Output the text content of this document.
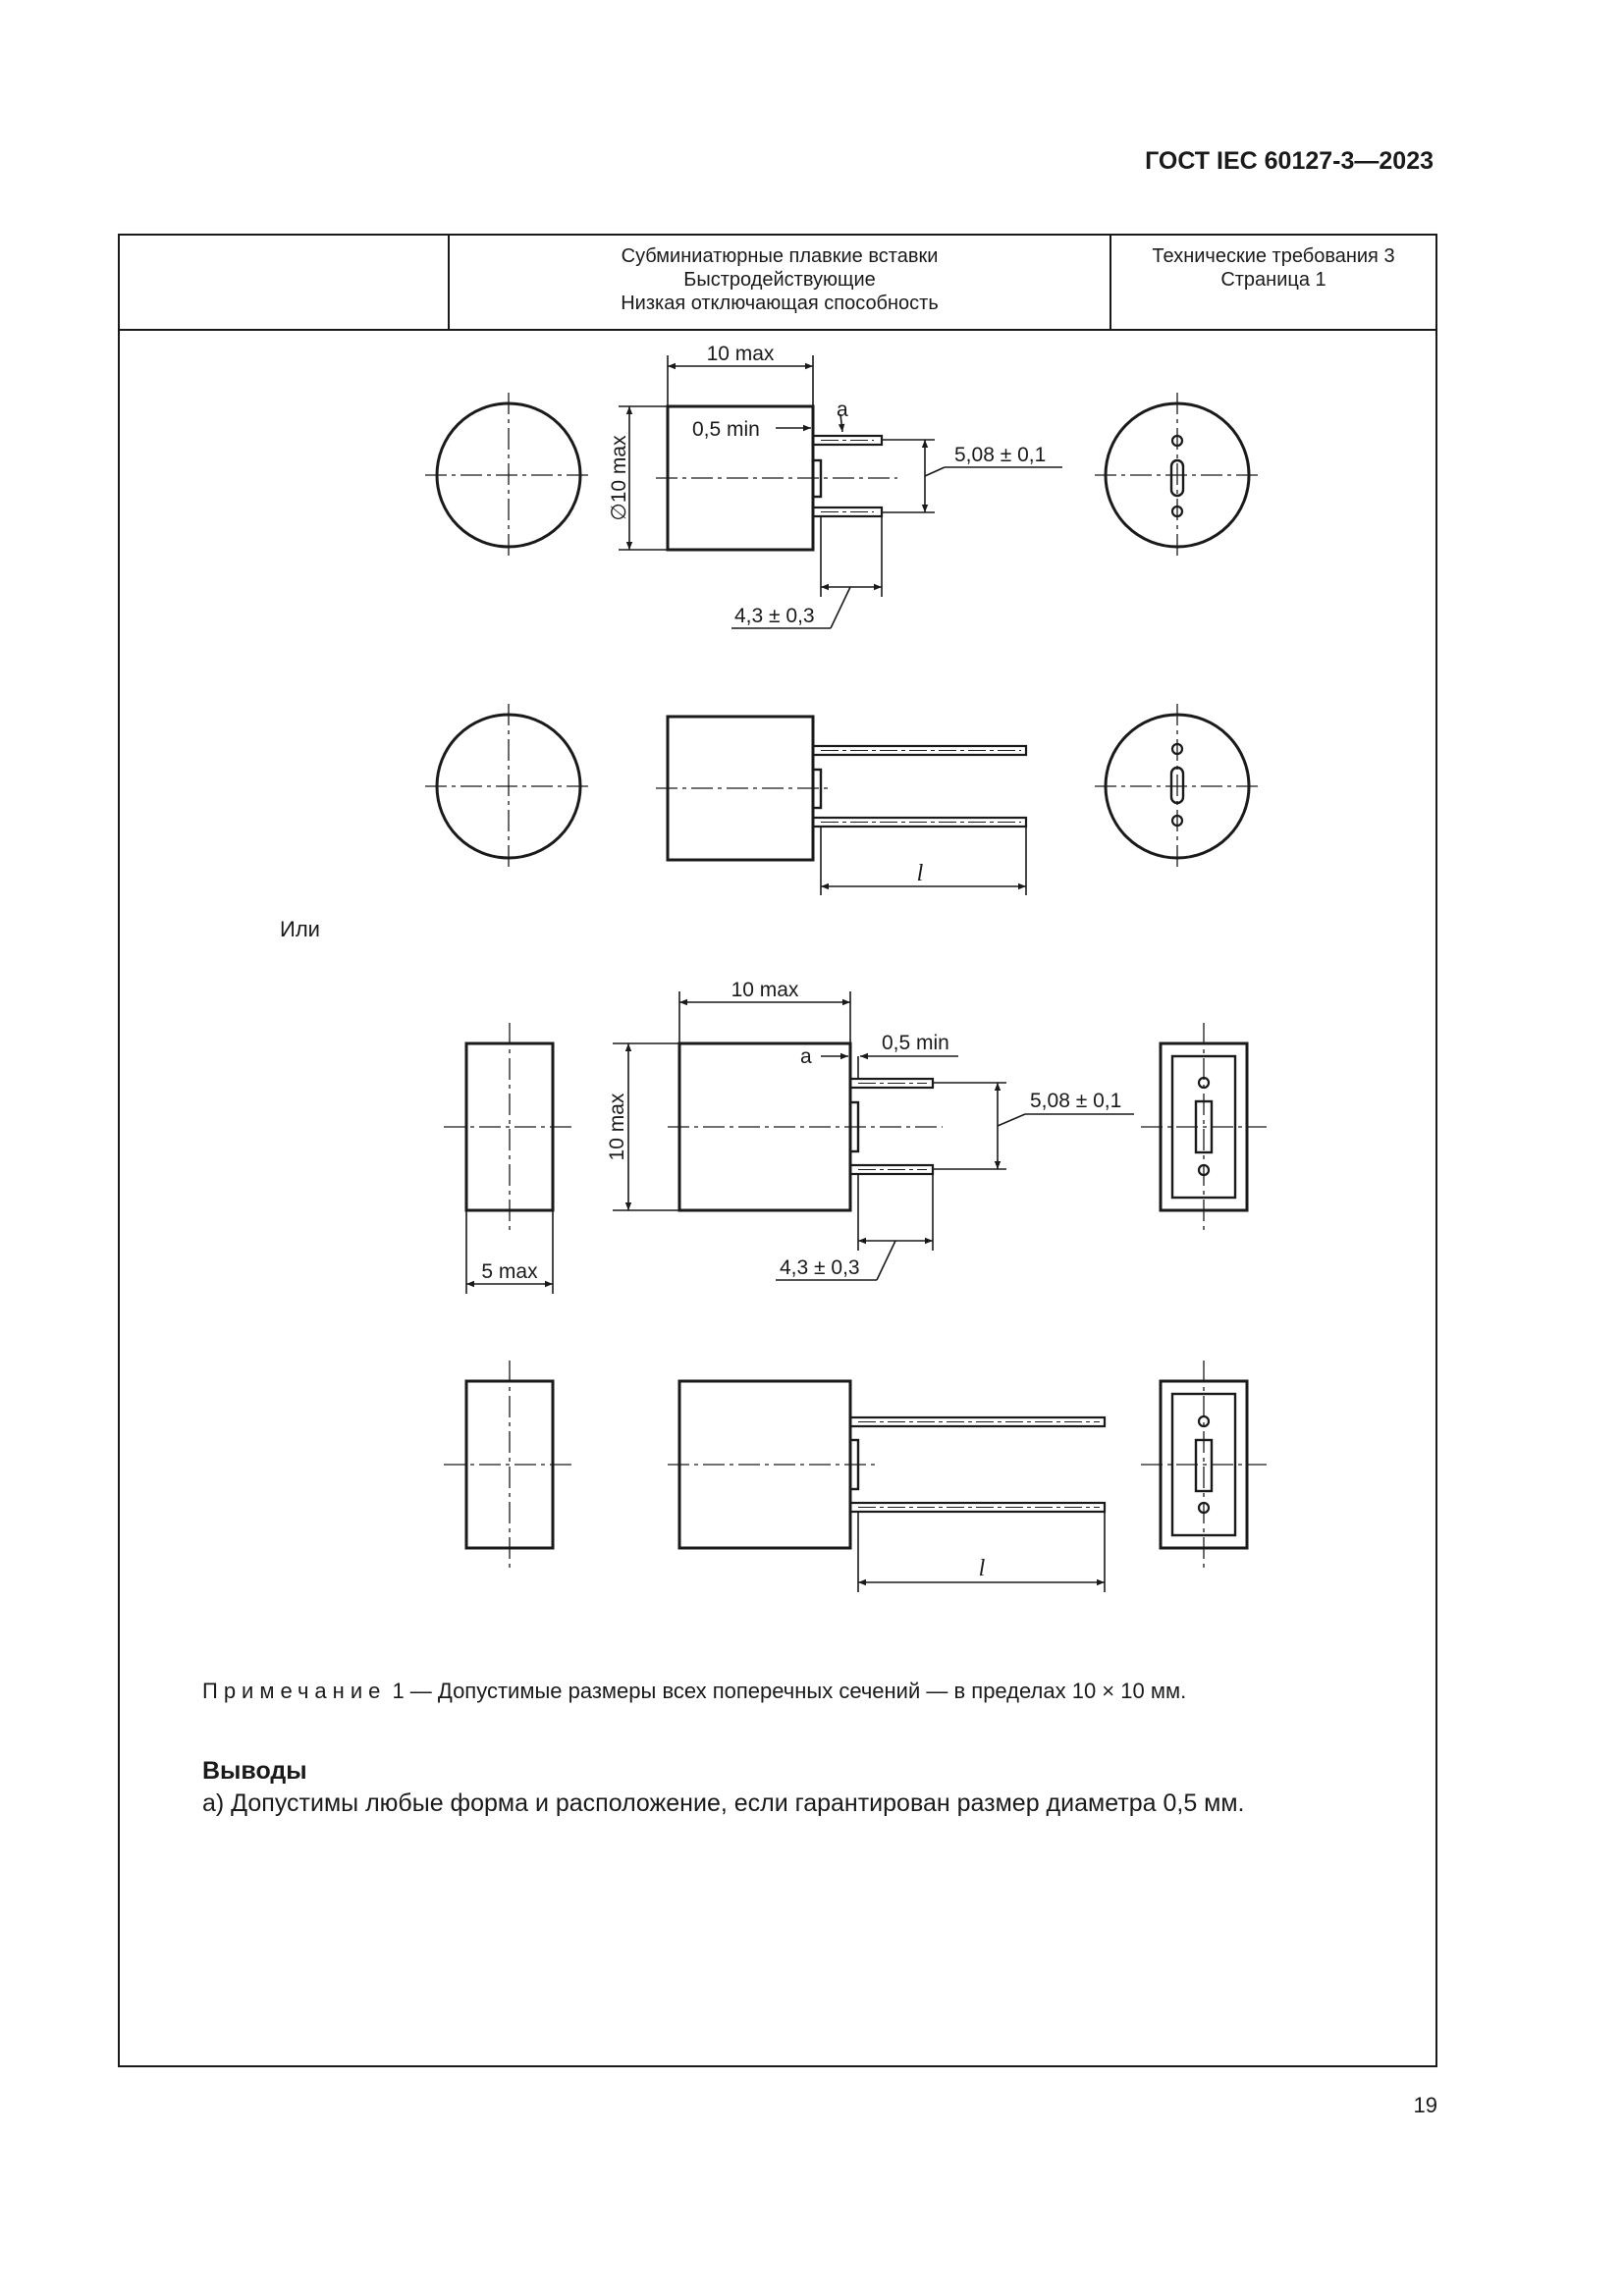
ГОСТ IEC 60127-3—2023
Субминиатюрные плавкие вставки
Быстродействующие
Низкая отключающая способность
Технические требования 3
Страница 1
10 max
0,5 min
a
5,08 ± 0,1
∅10 max
4,3 ± 0,3
l
10 max
0,5 min
a
5,08 ± 0,1
10 max
5 max	4,3 ± 0,3
l
Или
Примечание 1 — Допустимые размеры всех поперечных сечений — в пределах 10 × 10 мм.
Выводы
a) Допустимы любые форма и расположение, если гарантирован размер диаметра 0,5 мм.
19
